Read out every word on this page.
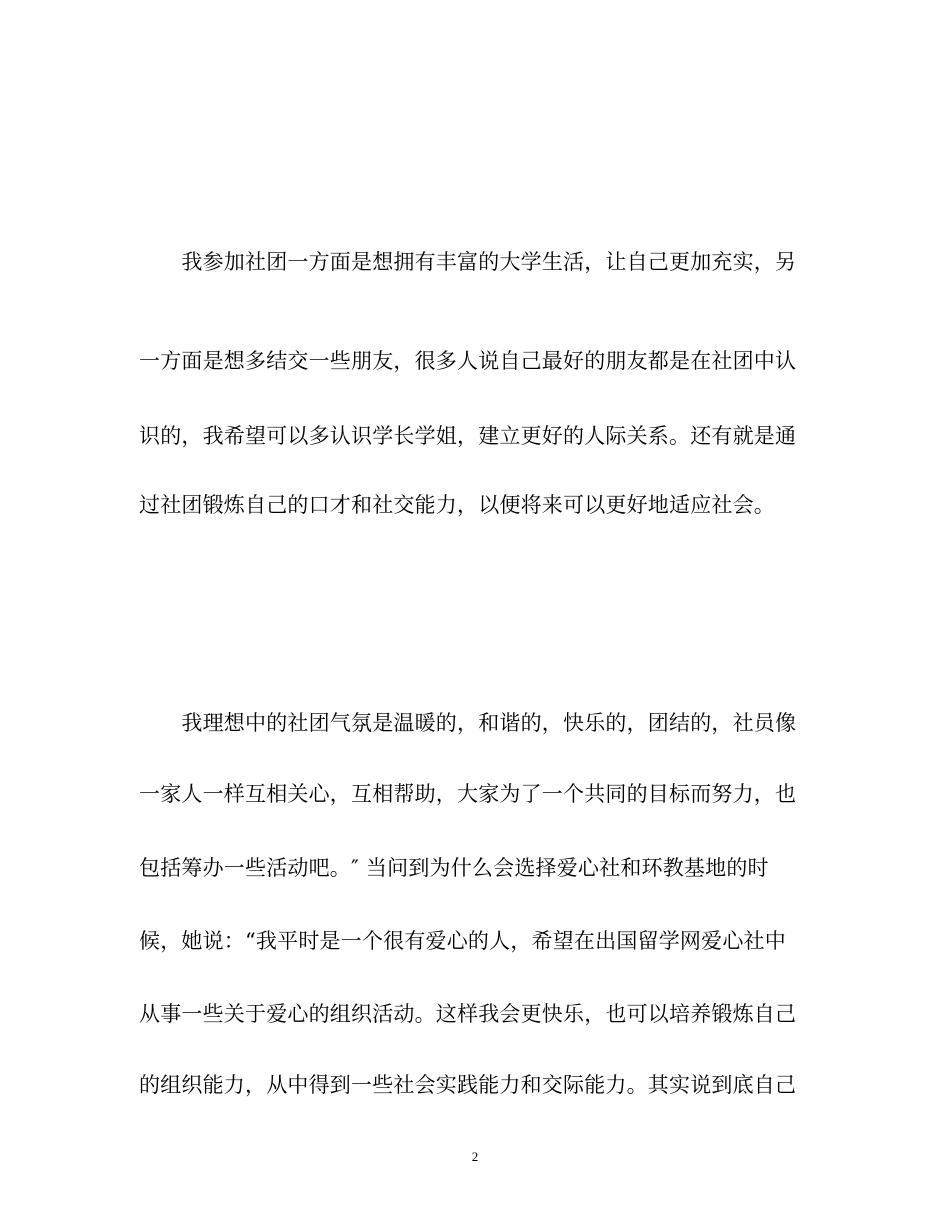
　　我参加社团一方面是想拥有丰富的大学生活，让自己更加充实，另
一方面是想多结交一些朋友，很多人说自己最好的朋友都是在社团中认
识的，我希望可以多认识学长学姐，建立更好的人际关系。还有就是通
过社团锻炼自己的口才和社交能力，以便将来可以更好地适应社会。
　　我理想中的社团气氛是温暖的，和谐的，快乐的，团结的，社员像
一家人一样互相关心，互相帮助，大家为了一个共同的目标而努力，也
包括筹办一些活动吧。″ 当问到为什么会选择爱心社和环教基地的时
候，她说：“我平时是一个很有爱心的人，希望在出国留学网爱心社中
从事一些关于爱心的组织活动。这样我会更快乐，也可以培养锻炼自己
的组织能力，从中得到一些社会实践能力和交际能力。其实说到底自己
2
